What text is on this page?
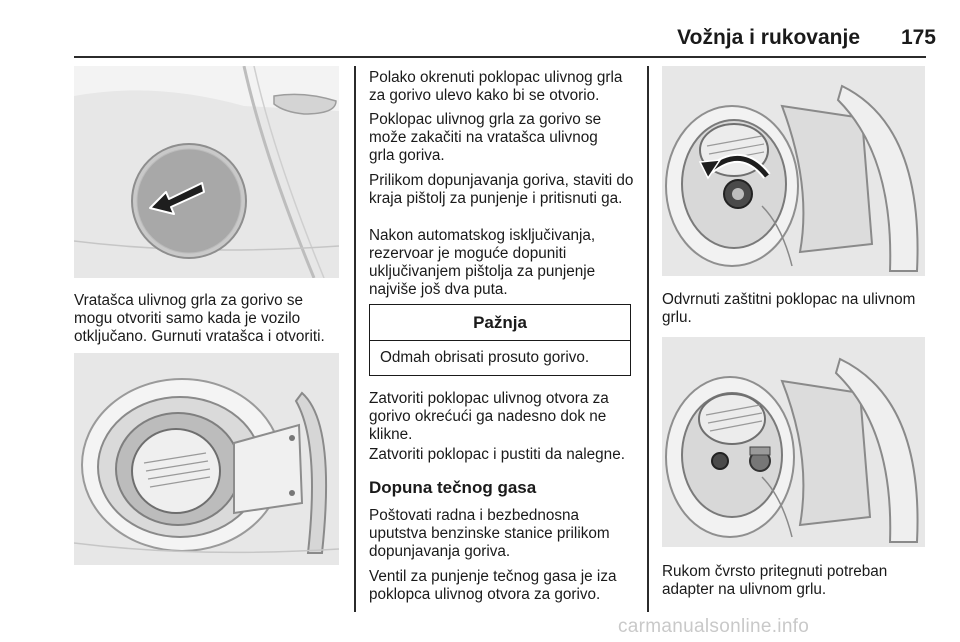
Vožnja i rukovanje	175

Vratašca ulivnog grla za gorivo se mogu otvoriti samo kada je vozilo otključano. Gurnuti vratašca i otvoriti.

Polako okrenuti poklopac ulivnog grla za gorivo ulevo kako bi se otvorio.

Poklopac ulivnog grla za gorivo se može zakačiti na vratašca ulivnog grla goriva.

Prilikom dopunjavanja goriva, staviti do kraja pištolj za punjenje i pritisnuti ga.

Nakon automatskog isključivanja, rezervoar je moguće dopuniti uključivanjem pištolja za punjenje najviše još dva puta.

Pažnja
Odmah obrisati prosuto gorivo.

Zatvoriti poklopac ulivnog otvora za gorivo okrećući ga nadesno dok ne klikne.

Zatvoriti poklopac i pustiti da nalegne.

Dopuna tečnog gasa

Poštovati radna i bezbednosna uputstva benzinske stanice prilikom dopunjavanja goriva.

Ventil za punjenje tečnog gasa je iza poklopca ulivnog otvora za gorivo.

Odvrnuti zaštitni poklopac na ulivnom grlu.

Rukom čvrsto pritegnuti potreban adapter na ulivnom grlu.

carmanualsonline.info
